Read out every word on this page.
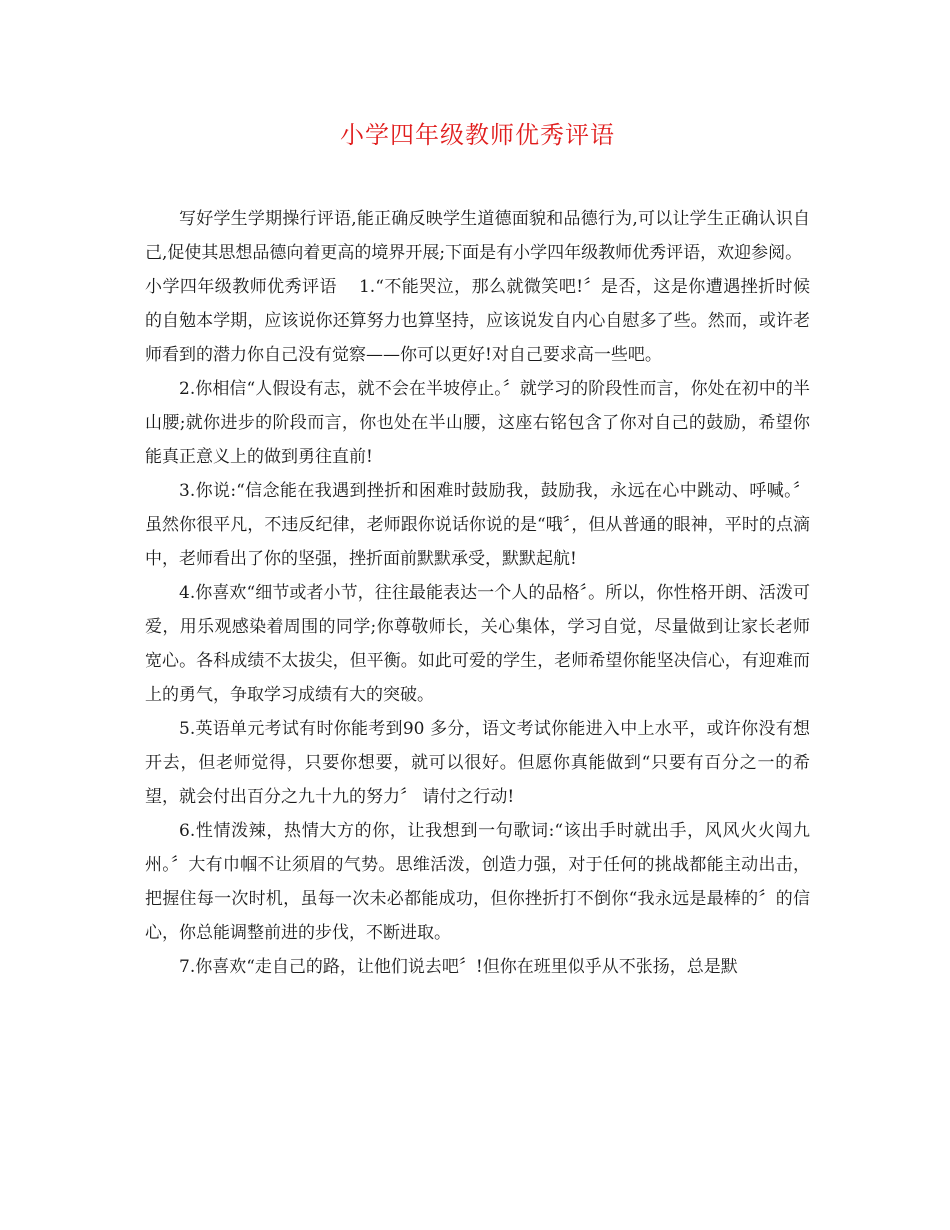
小学四年级教师优秀评语

写好学生学期操行评语,能正确反映学生道德面貌和品德行为,可以让学生正确认识自己,促使其思想品德向着更高的境界开展;下面是有小学四年级教师优秀评语，欢迎参阅。

小学四年级教师优秀评语 1.“不能哭泣，那么就微笑吧!〞是否，这是你遭遇挫折时候的自勉本学期，应该说你还算努力也算坚持，应该说发自内心自慰多了些。然而，或许老师看到的潜力你自己没有觉察——你可以更好!对自己要求高一些吧。

2.你相信“人假设有志，就不会在半坡停止。〞就学习的阶段性而言，你处在初中的半山腰;就你进步的阶段而言，你也处在半山腰，这座右铭包含了你对自己的鼓励，希望你能真正意义上的做到勇往直前!

3.你说:“信念能在我遇到挫折和困难时鼓励我，鼓励我，永远在心中跳动、呼喊。〞虽然你很平凡，不违反纪律，老师跟你说话你说的是“哦〞，但从普通的眼神，平时的点滴中，老师看出了你的坚强，挫折面前默默承受，默默起航!

4.你喜欢“细节或者小节，往往最能表达一个人的品格〞。所以，你性格开朗、活泼可爱，用乐观感染着周围的同学;你尊敬师长，关心集体，学习自觉，尽量做到让家长老师宽心。各科成绩不太拔尖，但平衡。如此可爱的学生，老师希望你能坚决信心，有迎难而上的勇气，争取学习成绩有大的突破。

5.英语单元考试有时你能考到90 多分，语文考试你能进入中上水平，或许你没有想开去，但老师觉得，只要你想要，就可以很好。但愿你真能做到“只要有百分之一的希望，就会付出百分之九十九的努力〞 请付之行动!

6.性情泼辣，热情大方的你，让我想到一句歌词:“该出手时就出手，风风火火闯九州。〞大有巾帼不让须眉的气势。思维活泼，创造力强，对于任何的挑战都能主动出击，把握住每一次时机，虽每一次未必都能成功，但你挫折打不倒你“我永远是最棒的〞的信心，你总能调整前进的步伐，不断进取。

7.你喜欢“走自己的路，让他们说去吧〞!但你在班里似乎从不张扬，总是默
